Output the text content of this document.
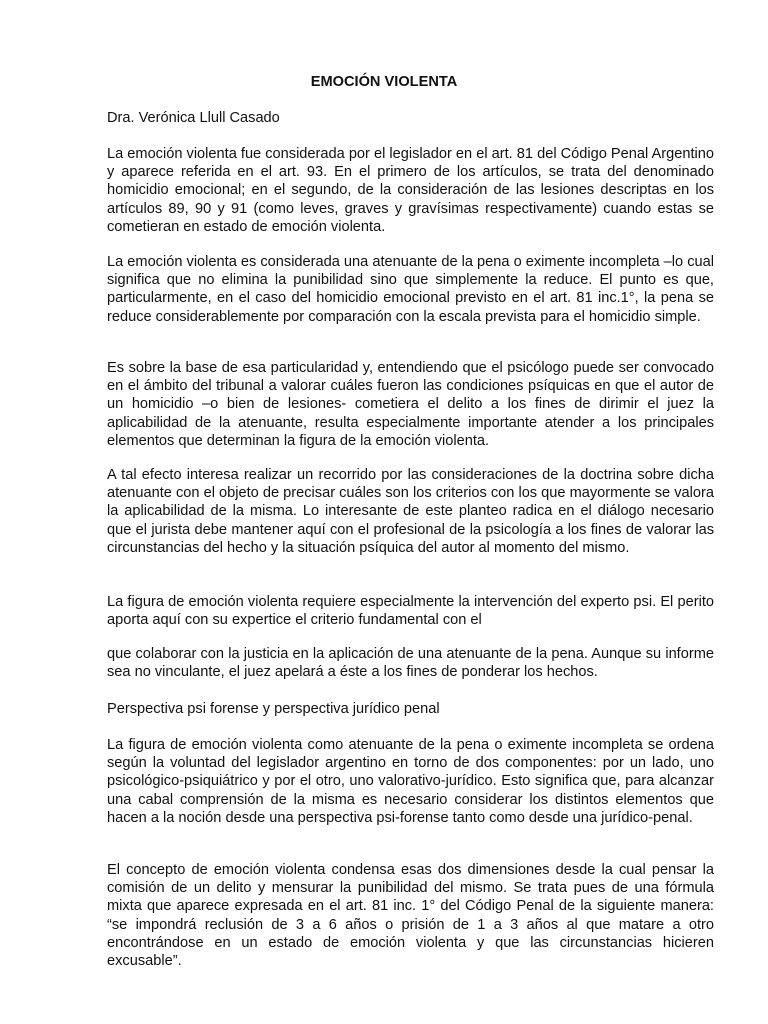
EMOCIÓN VIOLENTA

Dra. Verónica Llull Casado

La emoción violenta fue considerada por el legislador en el art. 81 del Código Penal Argentino y aparece referida en el art. 93. En el primero de los artículos, se trata del denominado homicidio emocional; en el segundo, de la consideración de las lesiones descriptas en los artículos 89, 90 y 91 (como leves, graves y gravísimas respectivamente) cuando estas se cometieran en estado de emoción violenta.

La emoción violenta es considerada una atenuante de la pena o eximente incompleta –lo cual significa que no elimina la punibilidad sino que simplemente la reduce. El punto es que, particularmente, en el caso del homicidio emocional previsto en el art. 81 inc.1°, la pena se reduce considerablemente por comparación con la escala prevista para el homicidio simple.

Es sobre la base de esa particularidad y, entendiendo que el psicólogo puede ser convocado en el ámbito del tribunal a valorar cuáles fueron las condiciones psíquicas en que el autor de un homicidio –o bien de lesiones- cometiera el delito a los fines de dirimir el juez la aplicabilidad de la atenuante, resulta especialmente importante atender a los principales elementos que determinan la figura de la emoción violenta.

A tal efecto interesa realizar un recorrido por las consideraciones de la doctrina sobre dicha atenuante con el objeto de precisar cuáles son los criterios con los que mayormente se valora la aplicabilidad de la misma. Lo interesante de este planteo radica en el diálogo necesario que el jurista debe mantener aquí con el profesional de la psicología a los fines de valorar las circunstancias del hecho y la situación psíquica del autor al momento del mismo.

La figura de emoción violenta requiere especialmente la intervención del experto psi. El perito aporta aquí con su expertice el criterio fundamental con el

que colaborar con la justicia en la aplicación de una atenuante de la pena. Aunque su informe sea no vinculante, el juez apelará a éste a los fines de ponderar los hechos.

Perspectiva psi forense y perspectiva jurídico penal

La figura de emoción violenta como atenuante de la pena o eximente incompleta se ordena según la voluntad del legislador argentino en torno de dos componentes: por un lado, uno psicológico-psiquiátrico y por el otro, uno valorativo-jurídico. Esto significa que, para alcanzar una cabal comprensión de la misma es necesario considerar los distintos elementos que hacen a la noción desde una perspectiva psi-forense tanto como desde una jurídico-penal.

El concepto de emoción violenta condensa esas dos dimensiones desde la cual pensar la comisión de un delito y mensurar la punibilidad del mismo. Se trata pues de una fórmula mixta que aparece expresada en el art. 81 inc. 1° del Código Penal de la siguiente manera: “se impondrá reclusión de 3 a 6 años o prisión de 1 a 3 años al que matare a otro encontrándose en un estado de emoción violenta y que las circunstancias hicieren excusable”.
